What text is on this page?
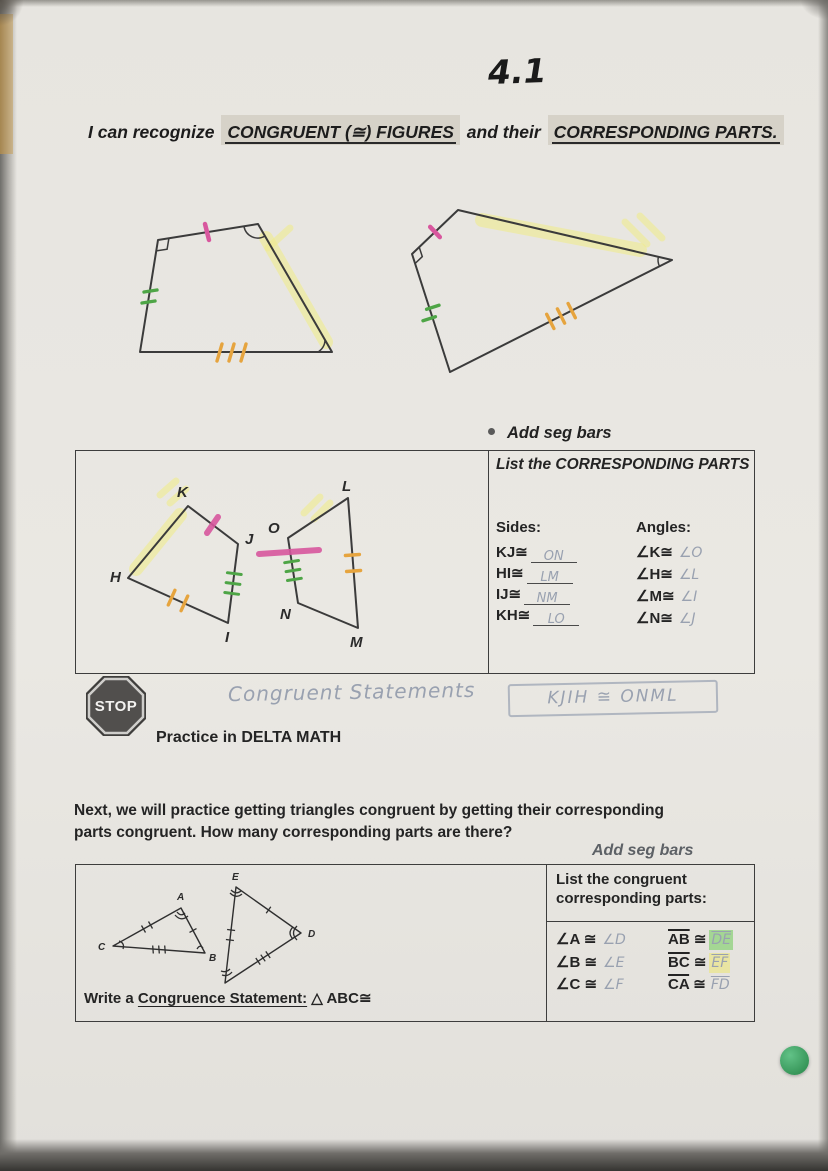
4.1
I can recognize CONGRUENT (≅) FIGURES and their CORRESPONDING PARTS.
Add seg bars
K
J
H
I
O
L
N
M
List the CORRESPONDING PARTS
Sides:
KJ≅ ON
HI≅ LM
IJ≅ NM
KH≅ LO
Angles:
∠K≅ ∠O
∠H≅ ∠L
∠M≅ ∠I
∠N≅ ∠J
STOP
Congruent Statements	KJIH ≅ ONML
Practice in DELTA MATH
Next, we will practice getting triangles congruent by getting their corresponding
parts congruent. How many corresponding parts are there?
Add seg bars
A
B
C
E
D
List the congruent
corresponding parts:
∠A ≅ ∠D
∠B ≅ ∠E
∠C ≅ ∠F
$\overline{AB}$ ≅ $\overline{DE}$
$\overline{BC}$ ≅ $\overline{EF}$
$\overline{CA}$ ≅ $\overline{FD}$
Write a Congruence Statement: △ ABC≅
